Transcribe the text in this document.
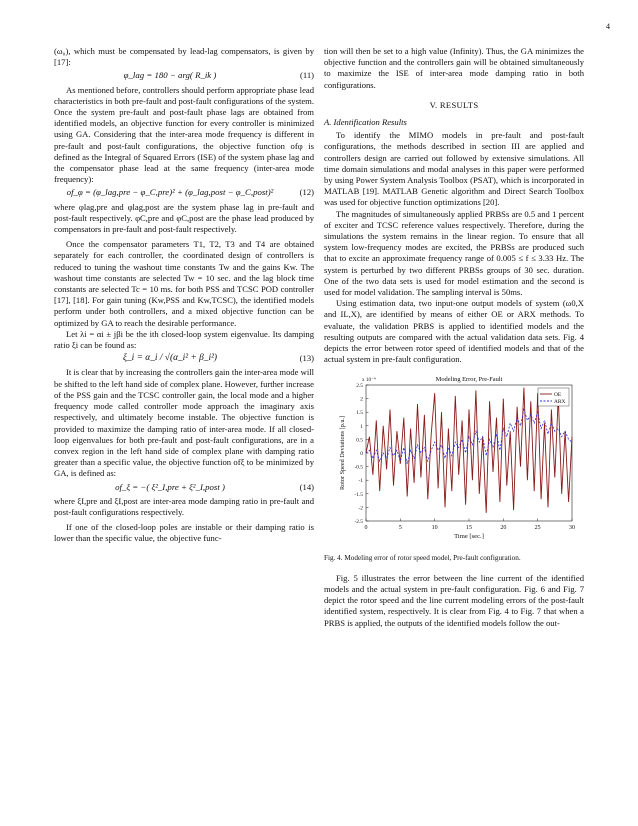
4

(ω₀), which must be compensated by lead-lag compensators, is given by [17]:

φ_lag = 180 − arg( R_ik )	(11)

As mentioned before, controllers should perform appropriate phase lead characteristics in both pre-fault and post-fault configurations of the system. Once the system pre-fault and post-fault phase lags are obtained from identified models, an objective function for every controller is minimized using GA. Considering that the inter-area mode frequency is different in pre-fault and post-fault configurations, the objective function ofφ is defined as the Integral of Squared Errors (ISE) of the system phase lag and the compensator phase lead at the same frequency (inter-area mode frequency):

of_φ = (φ_lag,pre − φ_C,pre)² + (φ_lag,post − φ_C,post)²	(12)

where φlag,pre and φlag,post are the system phase lag in pre-fault and post-fault respectively. φC,pre and φC,post are the phase lead produced by compensators in pre-fault and post-fault respectively.

Once the compensator parameters T1, T2, T3 and T4 are obtained separately for each controller, the coordinated design of controllers is reduced to tuning the washout time constants Tw and the gains Kw. The washout time constants are selected Tw = 10 sec. and the lag block time constants are selected Tc = 10 ms. for both PSS and TCSC POD controller [17], [18]. For gain tuning (Kw,PSS and Kw,TCSC), the identified models perform under both controllers, and a mixed objective function can be optimized by GA to reach the desirable performance.

Let λi = αi ± jβi be the ith closed-loop system eigenvalue. Its damping ratio ξi can be found as:

ξ_i = α_i / √(α_i² + β_i²)	(13)

It is clear that by increasing the controllers gain the inter-area mode will be shifted to the left hand side of complex plane. However, further increase of the PSS gain and the TCSC controller gain, the local mode and a higher frequency mode called controller mode approach the imaginary axis respectively, and ultimately become instable. The objective function is provided to maximize the damping ratio of inter-area mode. If all closed-loop eigenvalues for both pre-fault and post-fault configurations, are in a convex region in the left hand side of complex plane with damping ratio greater than a specific value, the objective function ofξ to be minimized by GA, is defined as:

of_ξ = −( ξ²_I,pre + ξ²_I,post )	(14)

where ξI,pre and ξI,post are inter-area mode damping ratio in pre-fault and post-fault configurations respectively.

If one of the closed-loop poles are instable or their damping ratio is lower than the specific value, the objective func-

tion will then be set to a high value (Infinity). Thus, the GA minimizes the objective function and the controllers gain will be obtained simultaneously to maximize the ISE of inter-area mode damping ratio in both configurations.

V. RESULTS
A. Identification Results

To identify the MIMO models in pre-fault and post-fault configurations, the methods described in section III are applied and controllers design are carried out followed by extensive simulations. All time domain simulations and modal analyses in this paper were performed by using Power System Analysis Toolbox (PSAT), which is incorporated in MATLAB [19]. MATLAB Genetic algorithm and Direct Search Toolbox was used for objective function optimizations [20].

The magnitudes of simultaneously applied PRBSs are 0.5 and 1 percent of exciter and TCSC reference values respectively. Therefore, during the simulations the system remains in the linear region. To ensure that all system low-frequency modes are excited, the PRBSs are produced such that to excite an approximate frequency range of 0.005 ≤ f ≤ 3.33 Hz. The system is perturbed by two different PRBSs groups of 30 sec. duration. One of the two data sets is used for model estimation and the second is used for model validation. The sampling interval is 50ms.

Using estimation data, two input-one output models of system (ω0,X and IL,X), are identified by means of either OE or ARX methods. To evaluate, the validation PRBS is applied to identified models and the resulting outputs are compared with the actual validation data sets. Fig. 4 depicts the error between rotor speed of identified models and that of the actual system in pre-fault configuration.

0	5	10	15	20	25	30
-2.5
-2
-1.5
-1
-0.5
0
0.5
1
1.5
2
2.5
Modeling Error, Pre-Fault
x 10⁻⁴
Time [sec.]
Rotor Speed Deviations [p.u.]
OE
ARX
Fig. 4. Modeling error of rotor speed model, Pre-fault configuration.

Fig. 5 illustrates the error between the line current of the identified models and the actual system in pre-fault configuration. Fig. 6 and Fig. 7 depict the rotor speed and the line current modeling errors of the post-fault identified system, respectively. It is clear from Fig. 4 to Fig. 7 that when a PRBS is applied, the outputs of the identified models follow the out-
